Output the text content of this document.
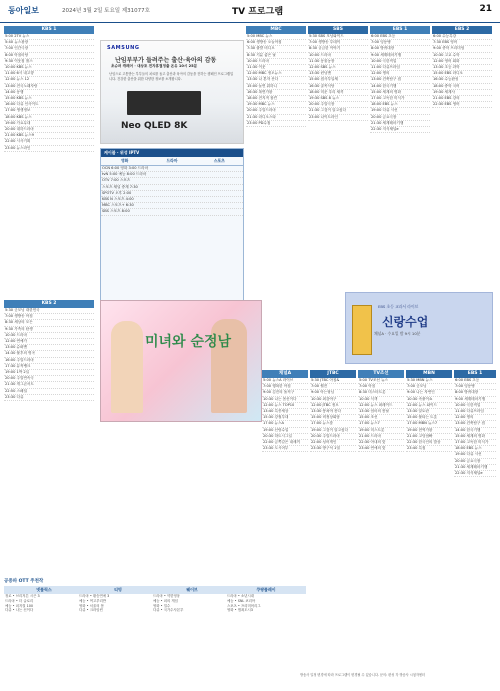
동아일보	2024년 3월 2일 토요일 제31077호	TV 프로그램	21
KBS 1
5:00 2TV 뉴스
5:40 뉴스광장
7:00 인간극장
8:00 아침마당
9:30 이웃집 찰스
10:00 KBS 뉴스
11:00 6시 내고향
12:00 뉴스 12
13:00 전국노래자랑
14:00 동행
15:00 KBS 뉴스
16:00 다큐 인사이트
17:00 생생정보
18:00 KBS 뉴스
19:00 가요무대
20:00 대하드라마
21:00 KBS 뉴스9
22:00 시사기획
23:00 뉴스라인
SAMSUNG
난임부부가 들려주는 출산·육아의 감동
초슈퍼 캐페어 · 대상포 전자휴결정출 온유 10시 25분
난임으로 고통받는 부부들의 치료를 돕고 출산과 육아의 감동을 전하는 캠페인 프로그램입니다. 건강한 출산을 위한 다양한 정보를 소개합니다.
Neo QLED 8K
MBC
5:00 MBC 뉴스
6:00 생방송 오늘아침
7:30 출발 비디오
8:30 기분 좋은 날
10:00 드라마
11:30 이웃
12:00 MBC 정오뉴스
13:30 나 혼자 산다
15:00 놀면 뭐하니
16:30 복면가왕
18:00 전지적 참견
19:30 MBC 뉴스
20:00 주말드라마
21:30 라디오스타
23:00 PD수첩
SBS
5:30 SBS 모닝와이드
7:00 생방송 투데이
8:30 궁금한 이야기
10:00 드라마
11:30 동물농장
12:00 SBS 뉴스
13:30 런닝맨
15:00 집사부일체
16:30 골목식당
18:00 미운 우리 새끼
19:30 SBS 8 뉴스
20:00 주말극장
21:30 그것이 알고싶다
23:00 나이트라인
EBS 1
6:00 EBS 초등
7:00 딩동댕
8:00 방귀대장
9:00 세계테마기행
10:00 극한직업
11:00 다큐프라임
12:00 명의
13:00 건축탐구 집
14:00 한국기행
15:00 세계의 명화
17:00 고독한 미식가
18:00 EBS 뉴스
19:00 다큐 시선
20:00 금요극장
21:30 세계테마기행
22:30 지식채널e
EBS 2
6:00 수능특강
7:30 EBS 영어
9:00 중학 프리미엄
10:30 고교 수학
12:00 영어 회화
13:30 초등 과학
15:00 EBS 라디오
16:30 수능완성
18:00 중학 국어
19:30 세계사
21:00 EBS 강의
22:30 EBS 영어
케이블 · 위성 IPTV
영화	드라마	스포츠
OCN 6:00 영화 3:00 드라마
tvN 5:00 예능 8:00 드라마
OTV 7:00 스포츠
스포츠 채널 중계 7:30
SPOTV 오후 2:00
KBS N 스포츠 4:00
MBC 스포츠+ 6:30
SBS 스포츠 8:00
KBS 2
5:30 굿모닝 대한민국
7:00 생방송 아침
8:30 세상의 모든
9:30 가족의 탄생
10:30 드라마
12:00 연예가
13:00 슈퍼맨
14:30 불후의 명곡
16:00 주말드라마
17:30 뮤직뱅크
19:00 1박 2일
20:00 주말연속극
21:30 개그콘서트
22:50 스페셜
23:30 다큐
미녀와 순정남
EBS 초등 교과서 라이브
신랑수업
채널A · 수요일 밤 9시 10분
채널A
5:00 뉴스A 라이브
7:00 행복한 아침
9:00 김진의 돌직구
10:30 나는 몸신이다
12:00 뉴스 TOP10
13:40 특종세상
15:30 강철부대
17:00 뉴스A
19:00 신랑수업
20:30 하트시그널
22:00 금쪽같은 내새끼
23:30 도시어부
JTBC
5:30 JTBC 아침&
7:00 썰전
9:00 아는형님
10:30 최강야구
12:00 JTBC 정오
13:30 뭉쳐야 찬다
15:00 비정상회담
17:00 뉴스룸
19:00 그것이 알고싶다
20:30 주말드라마
22:00 싱어게인
23:30 방구석 1열
TV조선
5:00 TV조선 뉴스
7:00 아침
8:30 미스터트롯
10:30 식객
12:00 뉴스 퍼레이드
13:30 엄마의 봄날
15:00 조선
17:00 뉴스7
19:00 미스트롯
21:00 드라마
22:30 아내의 맛
23:40 연애의 맛
MBN
5:30 MBN 뉴스
7:00 굿모닝
9:00 나는 자연인
10:30 속풀이쇼
12:00 뉴스 와이드
13:30 알토란
15:00 불타는 트롯
17:00 MBN 뉴스7
19:00 현역가왕
21:00 고딩엄빠
22:30 한국인의 밥상
23:40 특집
EBS 1
6:00 EBS 초등
7:00 딩동댕
8:00 방귀대장
9:00 세계테마기행
10:00 극한직업
11:00 다큐프라임
12:00 명의
13:00 건축탐구 집
14:00 한국기행
15:00 세계의 명화
17:00 고독한 미식가
18:00 EBS 뉴스
19:00 다큐 시선
20:00 금요극장
21:30 세계테마기행
22:30 지식채널e
공중파 OTT 주천작
넷플릭스
정로 • 브리저튼 시즌 3
드라마 • 더 글로리
예능 • 피지컬 100
다큐 • 나는 신이다
티빙
드라마 • 환승연애 3
예능 • 여고추리반
영화 • 서울의 봄
다큐 • 크라임씬
웨이브
드라마 • 약한영웅
예능 • 피의 게임
영화 • 밀수
다큐 • 국가수사본부
쿠팡플레이
드라마 • 소년시대
예능 • SNL 코리아
스포츠 • 프리미어리그
영화 • 범죄도시3
방송사 일정 변경에 따라 프로그램이 변경될 수 있습니다. 문의: 편성 각 방송사 시청자센터
